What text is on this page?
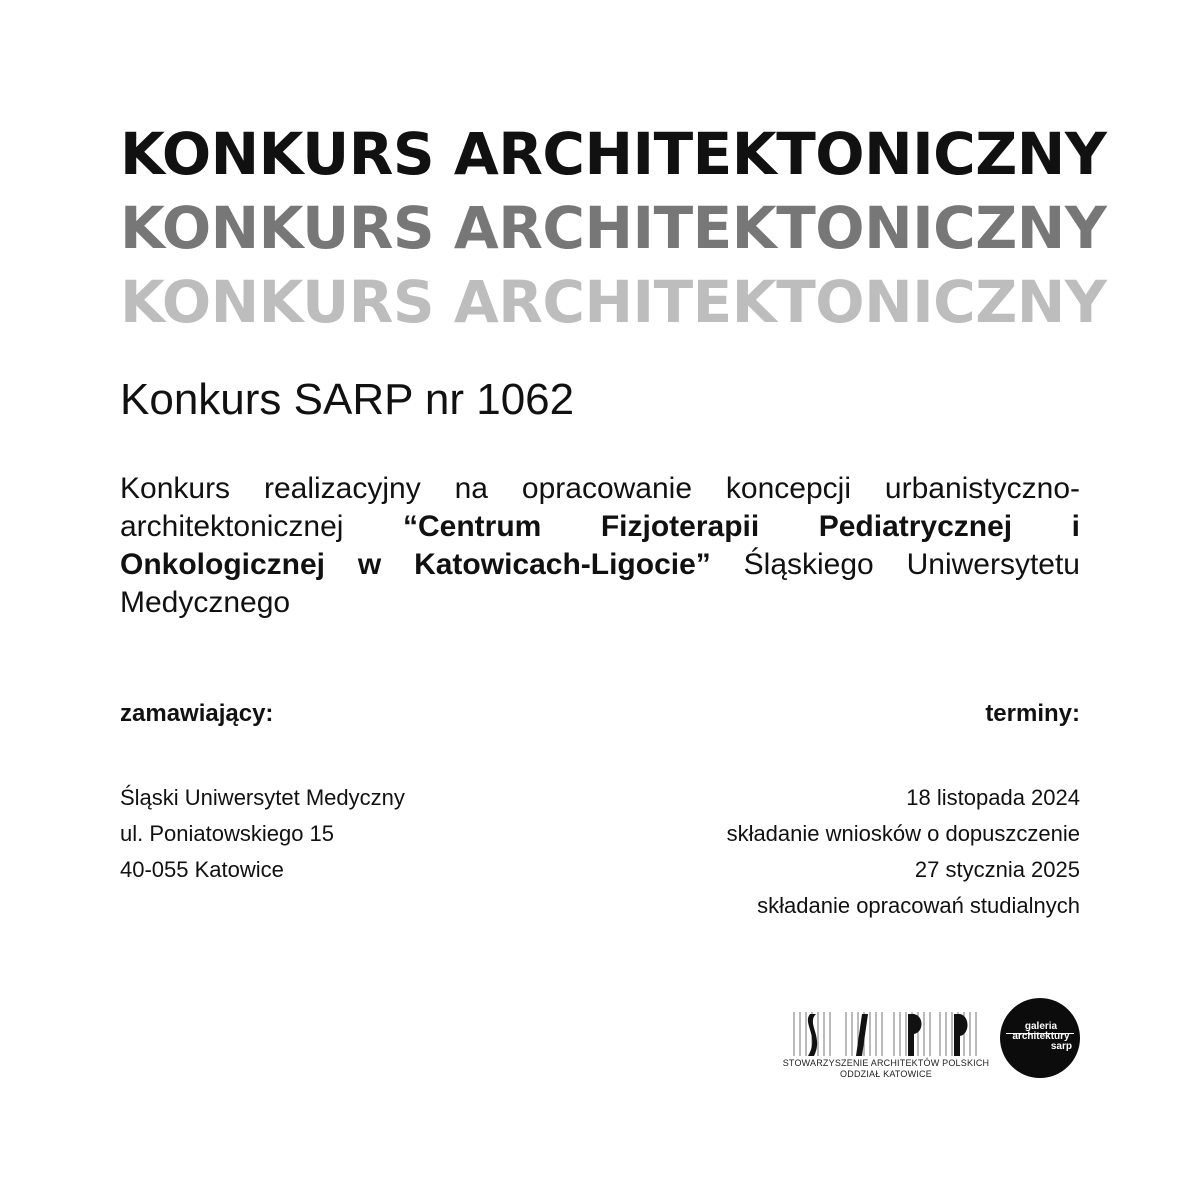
KONKURS ARCHITEKTONICZNY
KONKURS ARCHITEKTONICZNY
KONKURS ARCHITEKTONICZNY
Konkurs SARP nr 1062
Konkurs realizacyjny na opracowanie koncepcji urbanistyczno-architektonicznej “Centrum Fizjoterapii Pediatrycznej i Onkologicznej w Katowicach-Ligocie” Śląskiego Uniwersytetu Medycznego
zamawiający:	terminy:
Śląski Uniwersytet Medyczny
ul. Poniatowskiego 15
40-055 Katowice
18 listopada 2024
składanie wniosków o dopuszczenie
27 stycznia 2025
składanie opracowań studialnych
STOWARZYSZENIE ARCHITEKTÓW POLSKICH
ODDZIAŁ KATOWICE
galeria
architektury
sarp
